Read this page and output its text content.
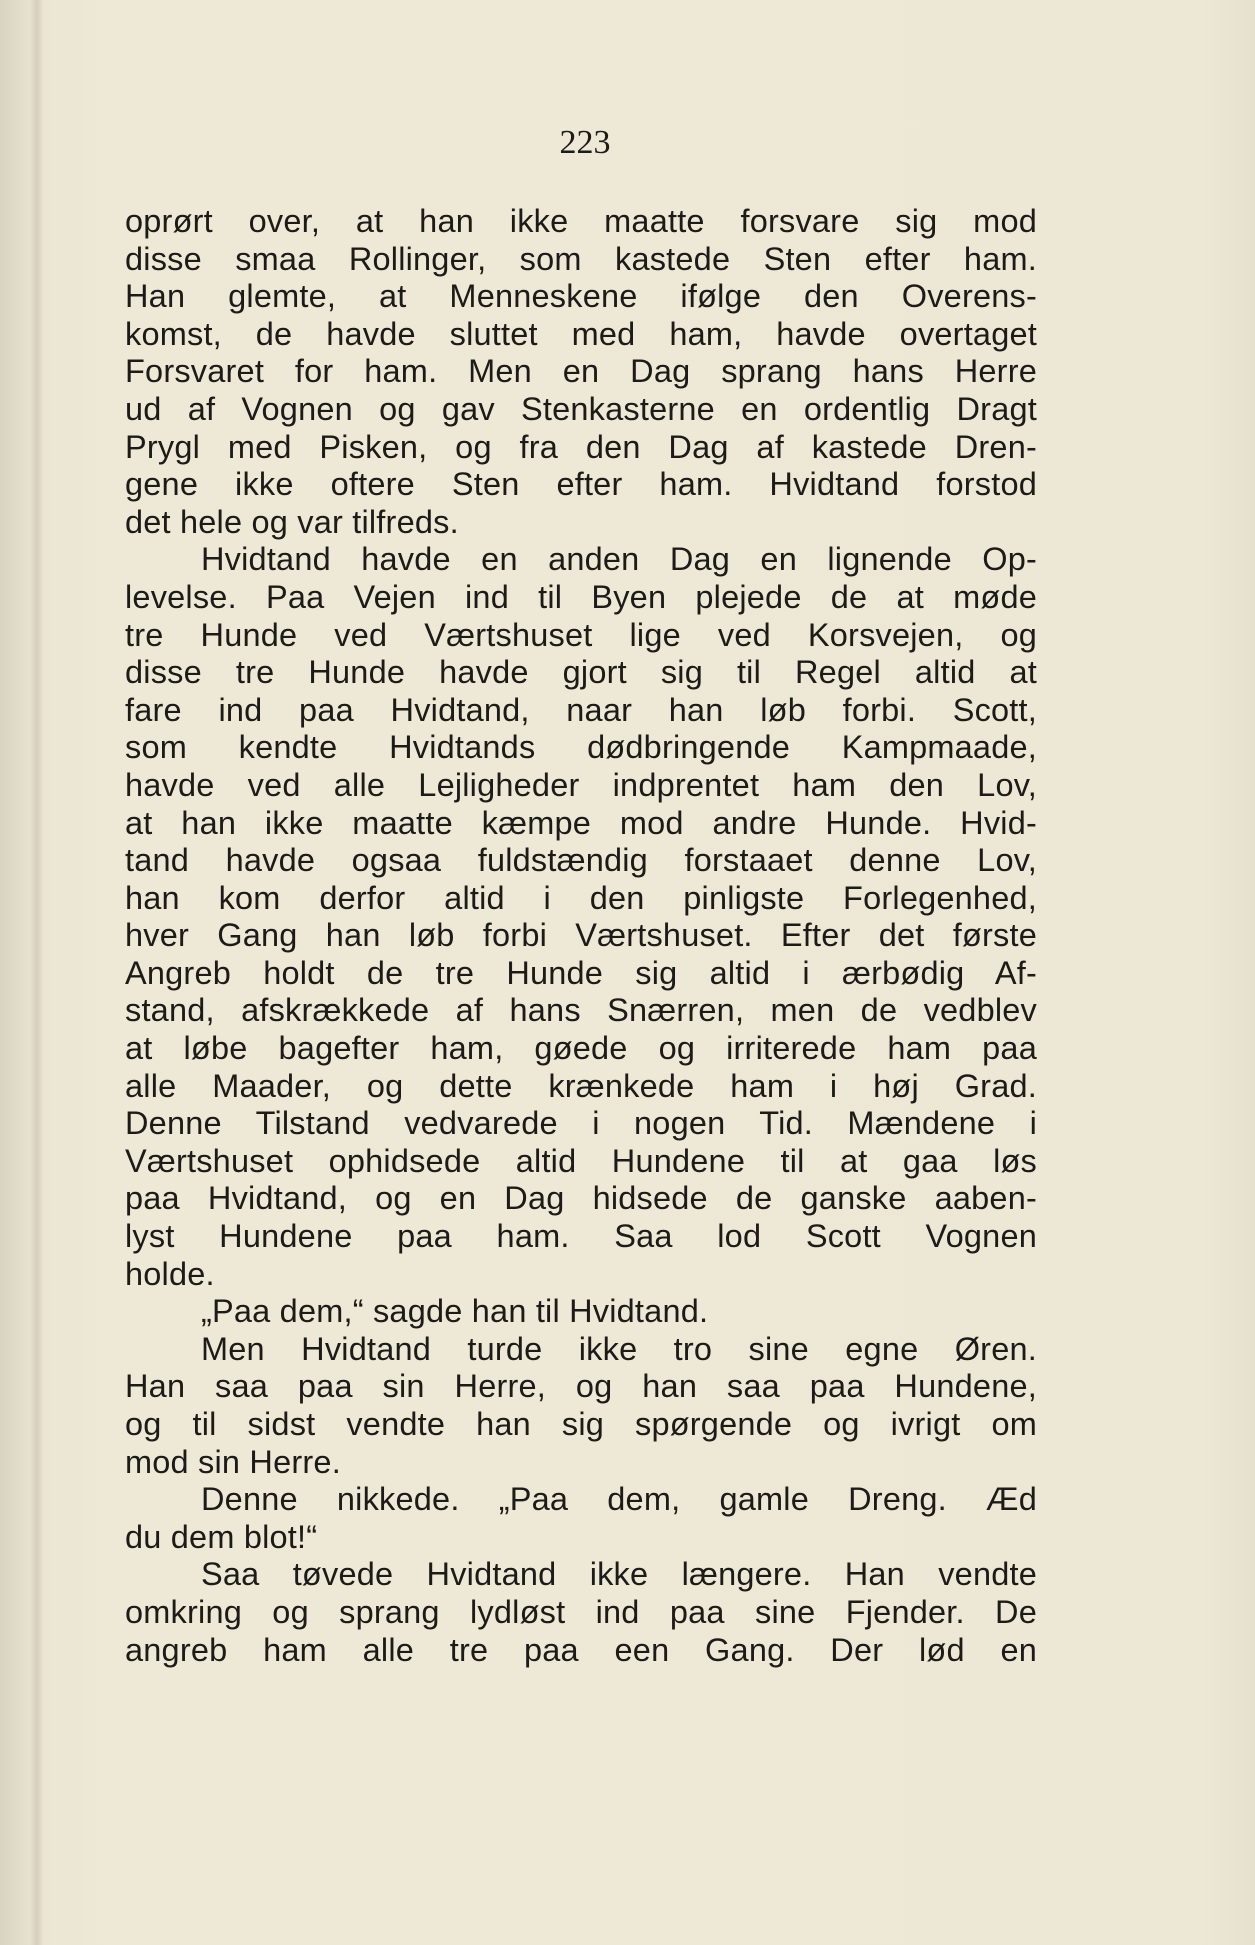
223

oprørt over, at han ikke maatte forsvare sig mod
disse smaa Rollinger, som kastede Sten efter ham.
Han glemte, at Menneskene ifølge den Overens-
komst, de havde sluttet med ham, havde overtaget
Forsvaret for ham. Men en Dag sprang hans Herre
ud af Vognen og gav Stenkasterne en ordentlig Dragt
Prygl med Pisken, og fra den Dag af kastede Dren-
gene ikke oftere Sten efter ham. Hvidtand forstod
det hele og var tilfreds.
Hvidtand havde en anden Dag en lignende Op-
levelse. Paa Vejen ind til Byen plejede de at møde
tre Hunde ved Værtshuset lige ved Korsvejen, og
disse tre Hunde havde gjort sig til Regel altid at
fare ind paa Hvidtand, naar han løb forbi. Scott,
som kendte Hvidtands dødbringende Kampmaade,
havde ved alle Lejligheder indprentet ham den Lov,
at han ikke maatte kæmpe mod andre Hunde. Hvid-
tand havde ogsaa fuldstændig forstaaet denne Lov,
han kom derfor altid i den pinligste Forlegenhed,
hver Gang han løb forbi Værtshuset. Efter det første
Angreb holdt de tre Hunde sig altid i ærbødig Af-
stand, afskrækkede af hans Snærren, men de vedblev
at løbe bagefter ham, gøede og irriterede ham paa
alle Maader, og dette krænkede ham i høj Grad.
Denne Tilstand vedvarede i nogen Tid. Mændene i
Værtshuset ophidsede altid Hundene til at gaa løs
paa Hvidtand, og en Dag hidsede de ganske aaben-
lyst Hundene paa ham. Saa lod Scott Vognen
holde.
„Paa dem,“ sagde han til Hvidtand.
Men Hvidtand turde ikke tro sine egne Øren.
Han saa paa sin Herre, og han saa paa Hundene,
og til sidst vendte han sig spørgende og ivrigt om
mod sin Herre.
Denne nikkede. „Paa dem, gamle Dreng. Æd
du dem blot!“
Saa tøvede Hvidtand ikke længere. Han vendte
omkring og sprang lydløst ind paa sine Fjender. De
angreb ham alle tre paa een Gang. Der lød en
